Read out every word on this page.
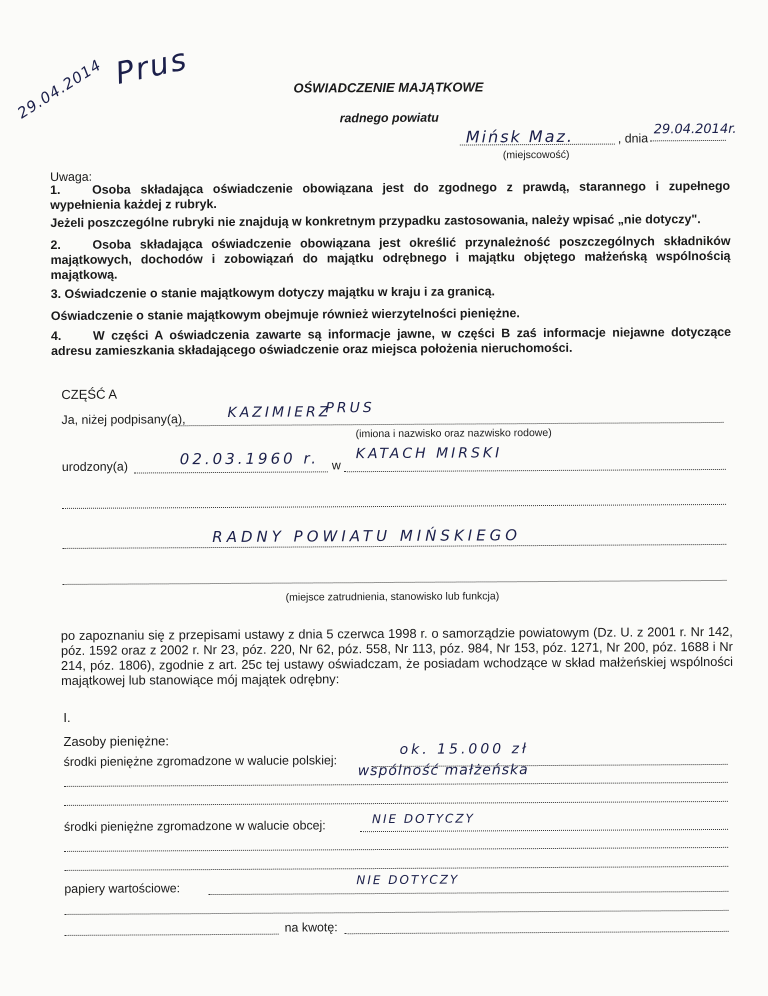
29.04.2014 Prus	OŚWIADCZENIE MAJĄTKOWE
radnego powiatu
Mińsk Maz.	, dnia
29.04.2014r.
(miejscowość)
Uwaga:
1.	Osoba składająca oświadczenie obowiązana jest do zgodnego z prawdą, starannego i zupełnego wypełnienia każdej z rubryk.
Jeżeli poszczególne rubryki nie znajdują w konkretnym przypadku zastosowania, należy wpisać „nie dotyczy".
2.	Osoba składająca oświadczenie obowiązana jest określić przynależność poszczególnych składników majątkowych, dochodów i zobowiązań do majątku odrębnego i majątku objętego małżeńską wspólnością majątkową.
3. Oświadczenie o stanie majątkowym dotyczy majątku w kraju i za granicą.
Oświadczenie o stanie majątkowym obejmuje również wierzytelności pieniężne.
4.	W części A oświadczenia zawarte są informacje jawne, w części B zaś informacje niejawne dotyczące adresu zamieszkania składającego oświadczenie oraz miejsca położenia nieruchomości.
CZĘŚĆ A
Ja, niżej podpisany(a),	KAZIMIERZ
PRUS
(imiona i nazwisko oraz nazwisko rodowe)
urodzony(a)	02.03.1960 r. w
KATACH MIRSKI
RADNY POWIATU MIŃSKIEGO
(miejsce zatrudnienia, stanowisko lub funkcja)
po zapoznaniu się z przepisami ustawy z dnia 5 czerwca 1998 r. o samorządzie powiatowym (Dz. U. z 2001 r. Nr 142, póz. 1592 oraz z 2002 r. Nr 23, póz. 220, Nr 62, póz. 558, Nr 113, póz. 984, Nr 153, póz. 1271, Nr 200, póz. 1688 i Nr 214, póz. 1806), zgodnie z art. 25c tej ustawy oświadczam, że posiadam wchodzące w skład małżeńskiej wspólności majątkowej lub stanowiące mój majątek odrębny:
I.
Zasoby pieniężne:
środki pieniężne zgromadzone w walucie polskiej:
ok. 15.000 zł
wspólność małżeńska
środki pieniężne zgromadzone w walucie obcej:	NIE DOTYCZY
papiery wartościowe:
NIE DOTYCZY
na kwotę:
